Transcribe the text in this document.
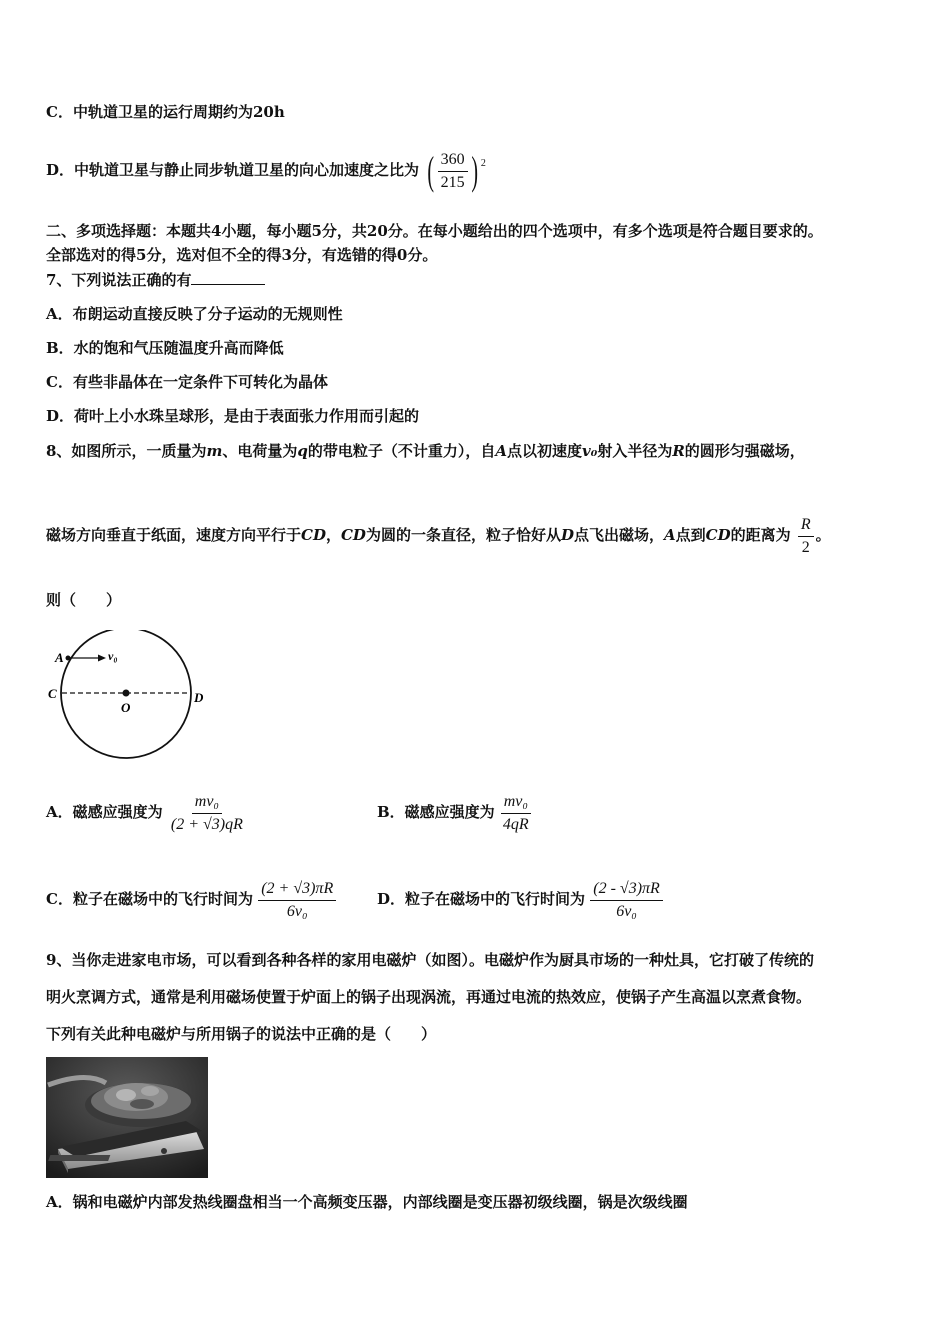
C．中轨道卫星的运行周期约为20h
D．中轨道卫星与静止同步轨道卫星的向心加速度之比为 ( $\frac{360}{215}$ ) $^2$
二、多项选择题：本题共4小题，每小题5分，共20分。在每小题给出的四个选项中，有多个选项是符合题目要求的。
全部选对的得5分，选对但不全的得3分，有选错的得0分。
7、下列说法正确的有
A．布朗运动直接反映了分子运动的无规则性
B．水的饱和气压随温度升高而降低
C．有些非晶体在一定条件下可转化为晶体
D．荷叶上小水珠呈球形，是由于表面张力作用而引起的
8、如图所示，一质量为m、电荷量为q的带电粒子（不计重力），自A点以初速度v₀射入半径为R的圆形匀强磁场，
磁场方向垂直于纸面，速度方向平行于CD，CD为圆的一条直径，粒子恰好从D点飞出磁场，A点到CD的距离为 $\frac{R}{2}$ 。
则（　　）
A	v₀
C
O
D
A．磁感应强度为 $\frac{\text{mv₀}}{(2 + √3)qR}$	B．磁感应强度为 $\frac{\text{mv₀}}{4qR}$
C．粒子在磁场中的飞行时间为 $\frac{(2 + √3)\pi R}{\text{6v₀}}$	D．粒子在磁场中的飞行时间为 $\frac{(2 - √3)\pi R}{\text{6v₀}}$
9、当你走进家电市场，可以看到各种各样的家用电磁炉（如图）。电磁炉作为厨具市场的一种灶具，它打破了传统的
明火烹调方式，通常是利用磁场使置于炉面上的锅子出现涡流，再通过电流的热效应，使锅子产生高温以烹煮食物。
下列有关此种电磁炉与所用锅子的说法中正确的是（　　）
A．锅和电磁炉内部发热线圈盘相当一个高频变压器，内部线圈是变压器初级线圈，锅是次级线圈
